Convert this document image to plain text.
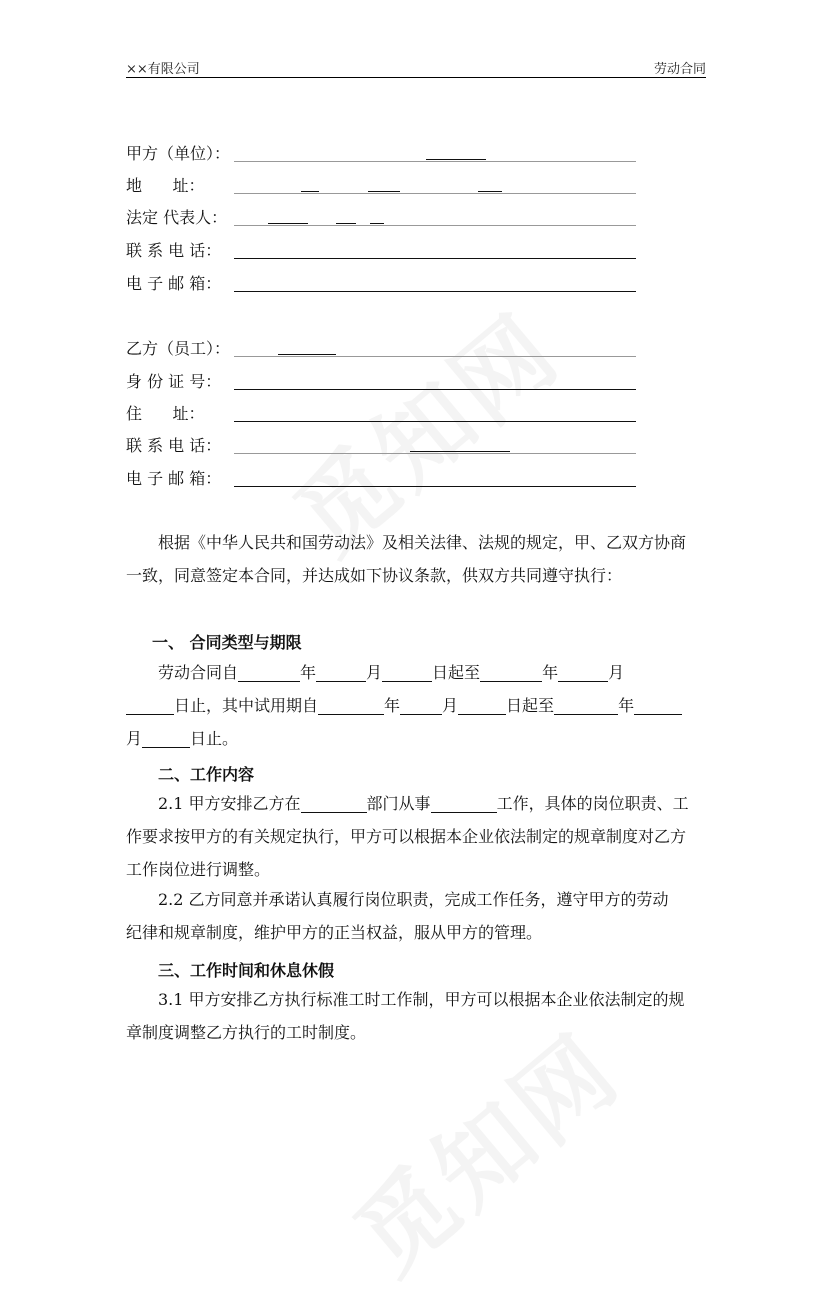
××有限公司	劳动合同
甲方（单位）：
地      址：
法定 代表人：
联 系 电 话：
电 子 邮 箱：
乙方（员工）：
身 份 证 号：
住      址：
联 系 电 话：
电 子 邮 箱：
根据《中华人民共和国劳动法》及相关法律、法规的规定，甲、乙双方协商
一致，同意签定本合同，并达成如下协议条款，供双方共同遵守执行：
一、 合同类型与期限
劳动合同自	年	月	日起至	年	月
日止，其中试用期自	年	月	日起至	年
月	日止。
二、工作内容
2.1 甲方安排乙方在	部门从事	工作，具体的岗位职责、工
作要求按甲方的有关规定执行，甲方可以根据本企业依法制定的规章制度对乙方
工作岗位进行调整。
2.2 乙方同意并承诺认真履行岗位职责，完成工作任务，遵守甲方的劳动
纪律和规章制度，维护甲方的正当权益，服从甲方的管理。
三、工作时间和休息休假
3.1 甲方安排乙方执行标准工时工作制，甲方可以根据本企业依法制定的规
章制度调整乙方执行的工时制度。
